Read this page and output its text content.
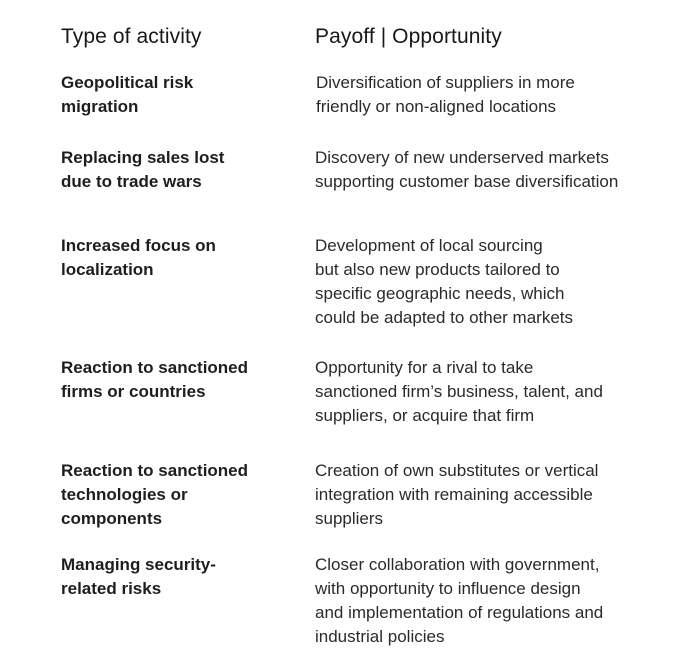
Type of activity	Payoff | Opportunity

Geopolitical risk
migration

Diversification of suppliers in more
friendly or non-aligned locations

Replacing sales lost
due to trade wars

Discovery of new underserved markets
supporting customer base diversification

Increased focus on
localization

Development of local sourcing
but also new products tailored to
specific geographic needs, which
could be adapted to other markets

Reaction to sanctioned
firms or countries

Opportunity for a rival to take
sanctioned firm’s business, talent, and
suppliers, or acquire that firm

Reaction to sanctioned
technologies or
components

Creation of own substitutes or vertical
integration with remaining accessible
suppliers

Managing security-
related risks

Closer collaboration with government,
with opportunity to influence design
and implementation of regulations and
industrial policies
